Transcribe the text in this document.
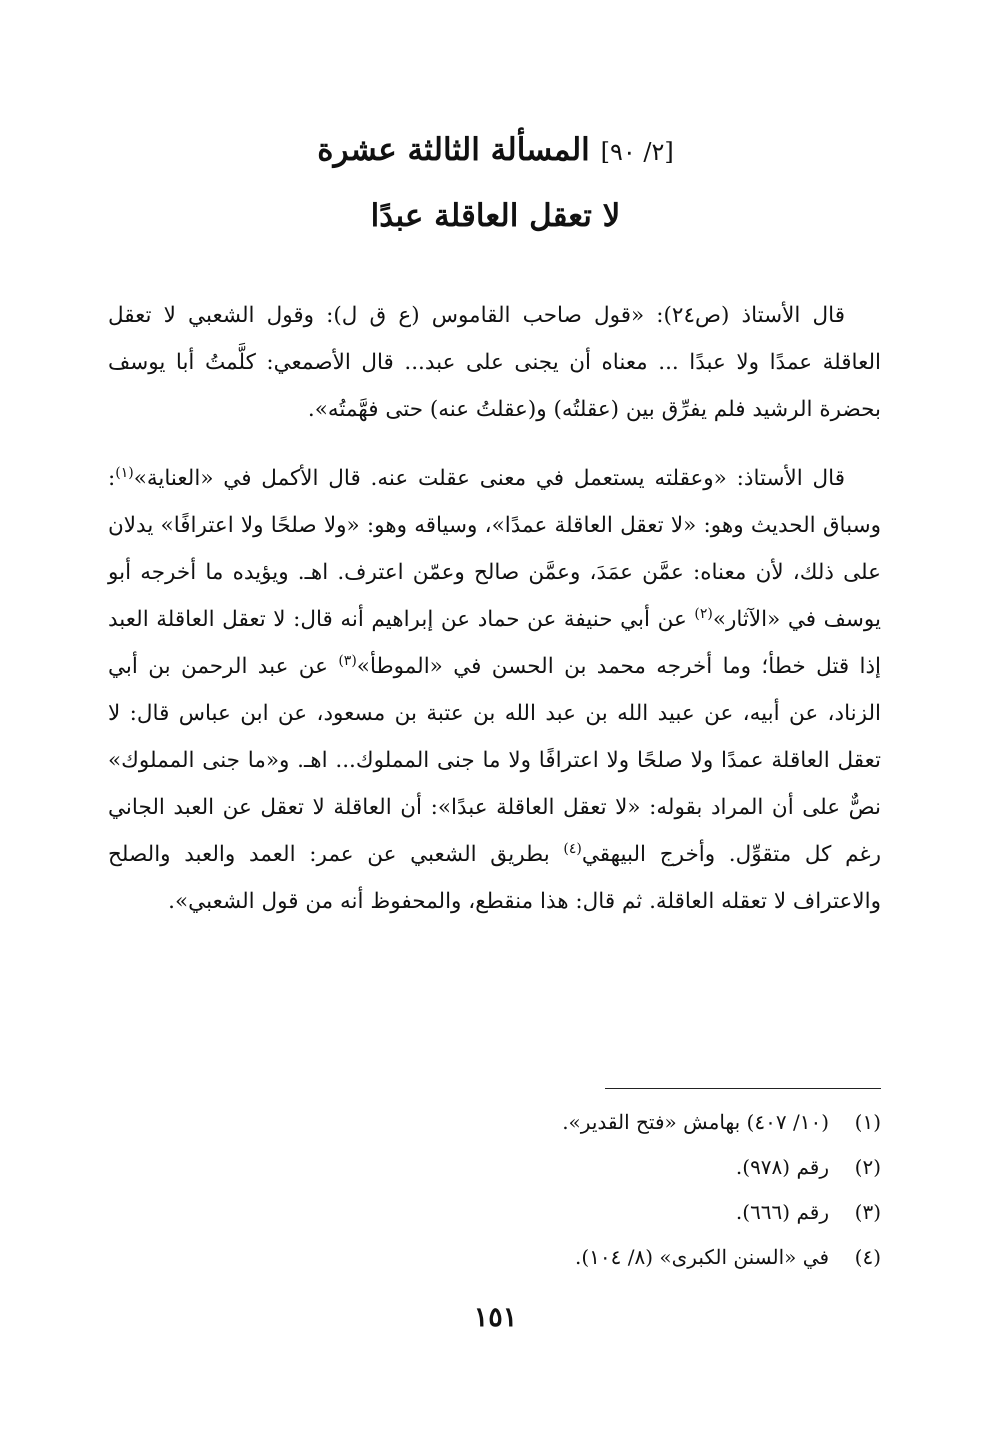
[٢/ ٩٠] المسألة الثالثة عشرة
لا تعقل العاقلة عبدًا

قال الأستاذ (ص٢٤): «قول صاحب القاموس (ع ق ل): وقول الشعبي لا تعقل العاقلة عمدًا ولا عبدًا ... معناه أن يجنى على عبد... قال الأصمعي: كلَّمتُ أبا يوسف بحضرة الرشيد فلم يفرِّق بين (عقلتُه) و(عقلتُ عنه) حتى فهَّمتُه».

قال الأستاذ: «وعقلته يستعمل في معنى عقلت عنه. قال الأكمل في «العناية»$^{(١)}$: وسباق الحديث وهو: «لا تعقل العاقلة عمدًا»، وسياقه وهو: «ولا صلحًا ولا اعترافًا» يدلان على ذلك، لأن معناه: عمَّن عمَدَ، وعمَّن صالح وعمّن اعترف. اهـ. ويؤيده ما أخرجه أبو يوسف في «الآثار»$^{(٢)}$ عن أبي حنيفة عن حماد عن إبراهيم أنه قال: لا تعقل العاقلة العبد إذا قتل خطأ؛ وما أخرجه محمد بن الحسن في «الموطأ»$^{(٣)}$ عن عبد الرحمن بن أبي الزناد، عن أبيه، عن عبيد الله بن عبد الله بن عتبة بن مسعود، عن ابن عباس قال: لا تعقل العاقلة عمدًا ولا صلحًا ولا اعترافًا ولا ما جنى المملوك... اهـ. و«ما جنى المملوك» نصٌّ على أن المراد بقوله: «لا تعقل العاقلة عبدًا»: أن العاقلة لا تعقل عن العبد الجاني رغم كل متقوِّل. وأخرج البيهقي$^{(٤)}$ بطريق الشعبي عن عمر: العمد والعبد والصلح والاعتراف لا تعقله العاقلة. ثم قال: هذا منقطع، والمحفوظ أنه من قول الشعبي».

(١)
(١٠/ ٤٠٧) بهامش «فتح القدير».
(٢)
رقم (٩٧٨).
(٣)
رقم (٦٦٦).
(٤)
في «السنن الكبرى» (٨/ ١٠٤).
١٥١
